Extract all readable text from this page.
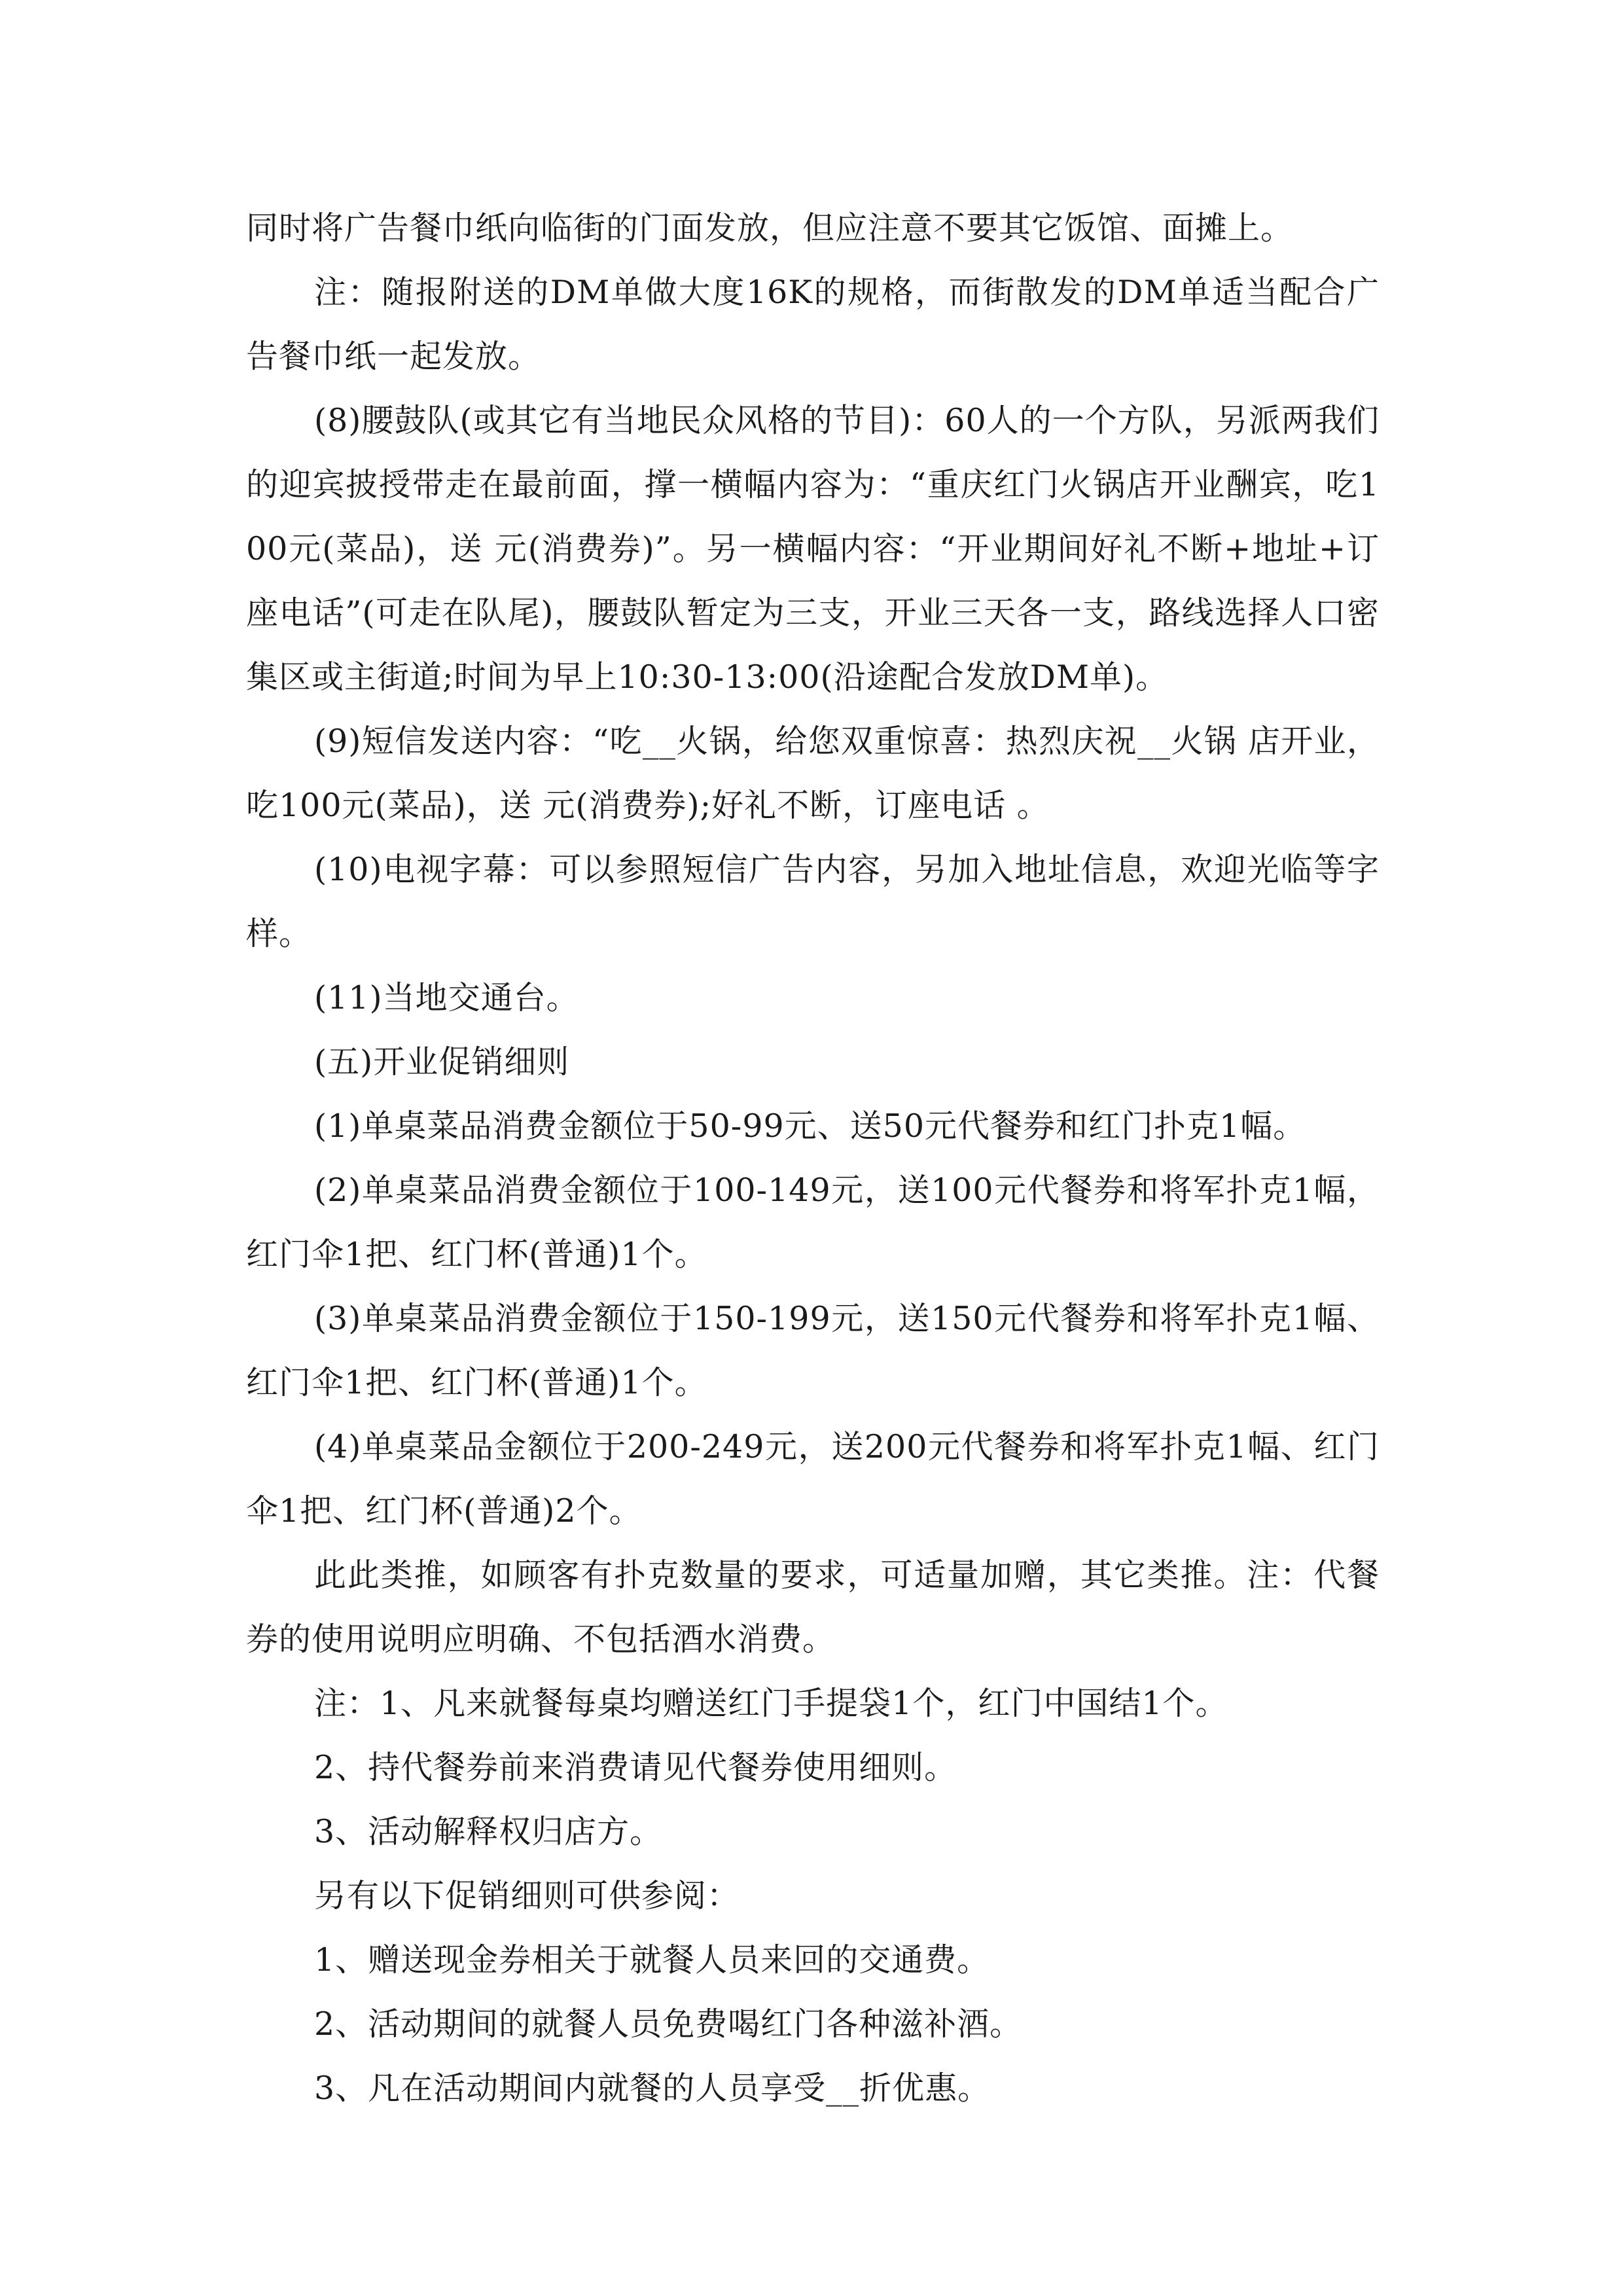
同时将广告餐巾纸向临街的门面发放，但应注意不要其它饭馆、面摊上。

注：随报附送的DM单做大度16K的规格，而街散发的DM单适当配合广告餐巾纸一起发放。

(8)腰鼓队(或其它有当地民众风格的节目)：60人的一个方队，另派两我们的迎宾披授带走在最前面，撑一横幅内容为：“重庆红门火锅店开业酬宾，吃100元(菜品)，送 元(消费券)”。另一横幅内容：“开业期间好礼不断+地址+订座电话”(可走在队尾)，腰鼓队暂定为三支，开业三天各一支，路线选择人口密集区或主街道;时间为早上10:30-13:00(沿途配合发放DM单)。

(9)短信发送内容：“吃__火锅，给您双重惊喜：热烈庆祝__火锅 店开业，吃100元(菜品)，送 元(消费券);好礼不断，订座电话 。

(10)电视字幕：可以参照短信广告内容，另加入地址信息，欢迎光临等字样。

(11)当地交通台。

(五)开业促销细则

(1)单桌菜品消费金额位于50-99元、送50元代餐券和红门扑克1幅。

(2)单桌菜品消费金额位于100-149元，送100元代餐券和将军扑克1幅，红门伞1把、红门杯(普通)1个。

(3)单桌菜品消费金额位于150-199元，送150元代餐券和将军扑克1幅、红门伞1把、红门杯(普通)1个。

(4)单桌菜品金额位于200-249元，送200元代餐券和将军扑克1幅、红门伞1把、红门杯(普通)2个。

此此类推，如顾客有扑克数量的要求，可适量加赠，其它类推。注：代餐券的使用说明应明确、不包括酒水消费。

注：1、凡来就餐每桌均赠送红门手提袋1个，红门中国结1个。

2、持代餐券前来消费请见代餐券使用细则。

3、活动解释权归店方。

另有以下促销细则可供参阅：

1、赠送现金券相关于就餐人员来回的交通费。

2、活动期间的就餐人员免费喝红门各种滋补酒。

3、凡在活动期间内就餐的人员享受__折优惠。
